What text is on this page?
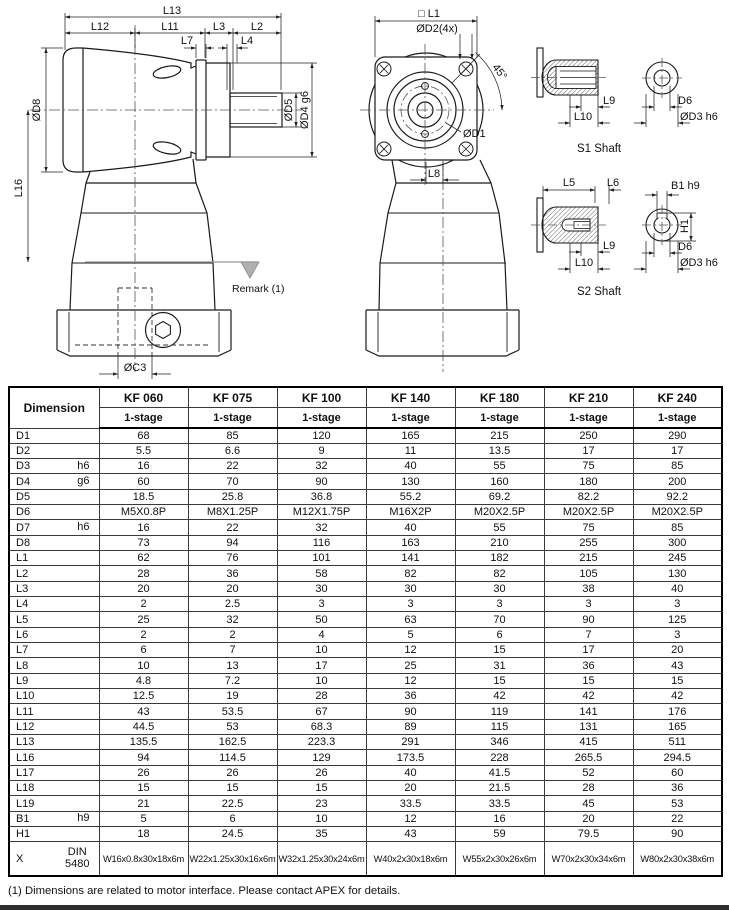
L13
L12	L11	L3 L2
L7	L4
ØD8
L16
ØD5 ØD4 g6
ØC3
Remark (1)
□ L1
ØD2(4x)
45°
ØD1
L8
L9
L10
D6
ØD3 h6
S1 Shaft
L5	L6
L9
L10
B1 h9
H1
D6
ØD3 h6
S2 Shaft
Dimension	KF 060	KF 075	KF 100	KF 140	KF 180	KF 210	KF 240
	1-stage	1-stage	1-stage	1-stage	1-stage	1-stage	1-stage

D1	68	85	120	165	215	250	290

D2	5.5	6.6	9	11	13.5	17	17

D3 h6	16	22	32	40	55	75	85

D4 g6	60	70	90	130	160	180	200

D5	18.5	25.8	36.8	55.2	69.2	82.2	92.2

D6	M5X0.8P	M8X1.25P	M12X1.75P	M16X2P	M20X2.5P	M20X2.5P	M20X2.5P

D7 h6	16	22	32	40	55	75	85

D8	73	94	116	163	210	255	300

L1	62	76	101	141	182	215	245

L2	28	36	58	82	82	105	130

L3	20	20	30	30	30	38	40

L4	2	2.5	3	3	3	3	3

L5	25	32	50	63	70	90	125

L6	2	2	4	5	6	7	3

L7	6	7	10	12	15	17	20

L8	10	13	17	25	31	36	43

L9	4.8	7.2	10	12	15	15	15

L10	12.5	19	28	36	42	42	42

L11	43	53.5	67	90	119	141	176

L12	44.5	53	68.3	89	115	131	165

L13	135.5	162.5	223.3	291	346	415	511

L16	94	114.5	129	173.5	228	265.5	294.5

L17	26	26	26	40	41.5	52	60

L18	15	15	15	20	21.5	28	36

L19	21	22.5	23	33.5	33.5	45	53

B1 h9	5	6	10	12	16	20	22

H1	18	24.5	35	43	59	79.5	90

X
DIN
5480	W16x0.8x30x18x6m	W22x1.25x30x16x6m	W32x1.25x30x24x6m	W40x2x30x18x6m	W55x2x30x26x6m	W70x2x30x34x6m	W80x2x30x38x6m
(1) Dimensions are related to motor interface. Please contact APEX for details.
